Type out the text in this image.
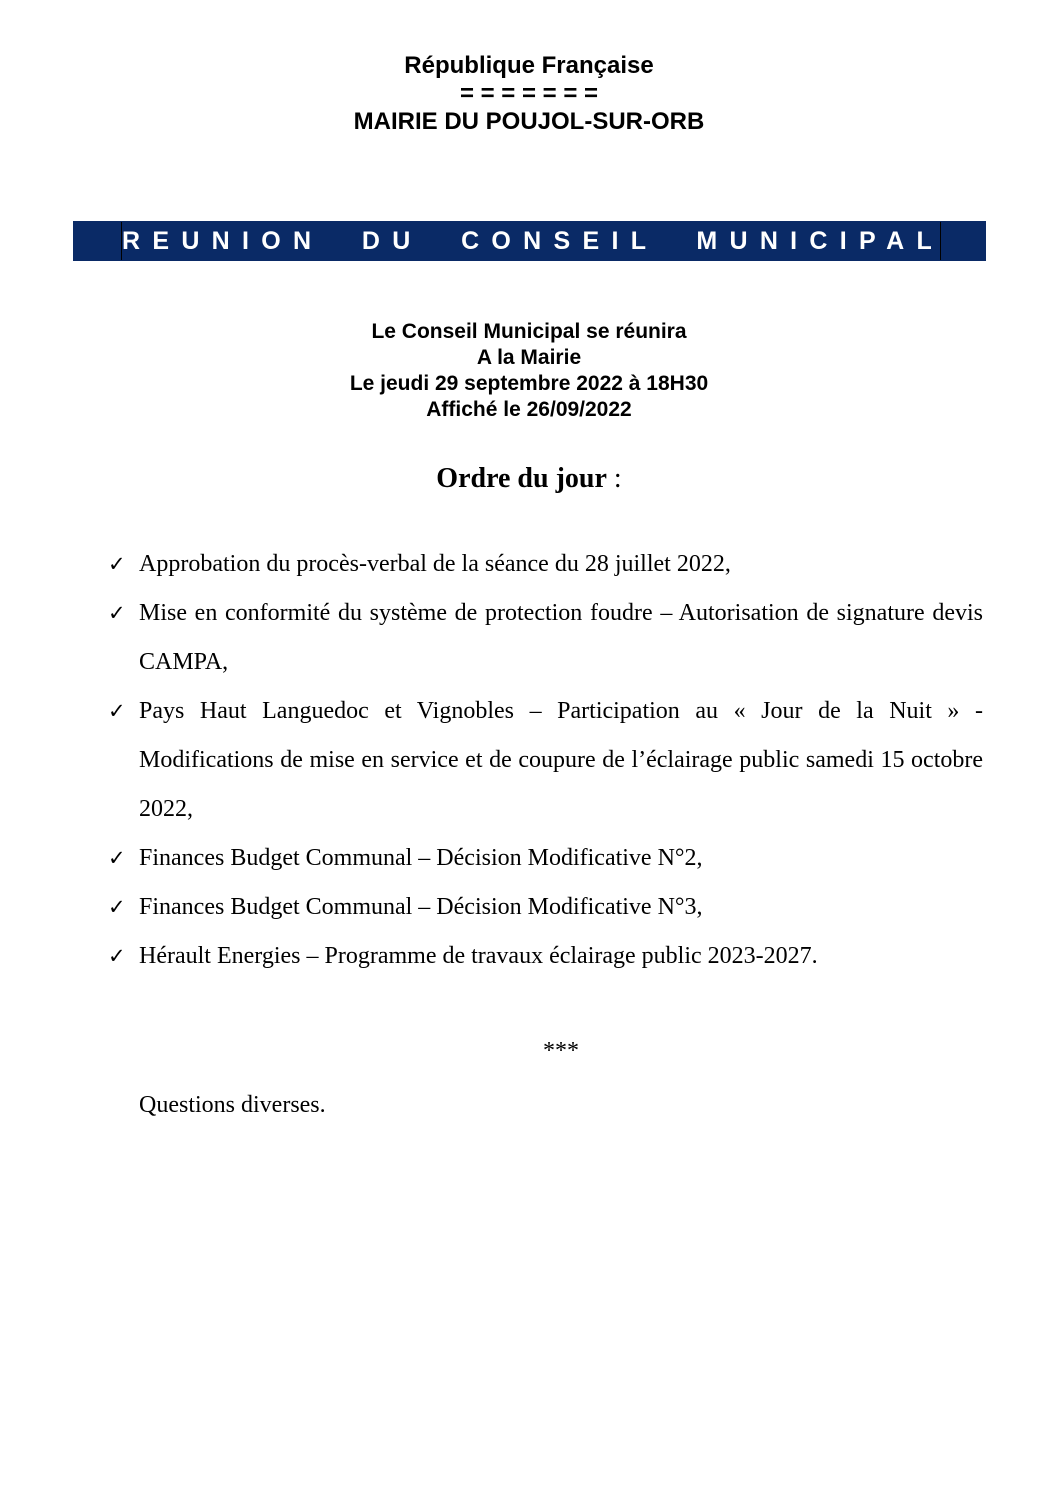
République Française
= = = = = = =
MAIRIE DU POUJOL-SUR-ORB
REUNION  DU  CONSEIL  MUNICIPAL
Le Conseil Municipal se réunira
A la Mairie
Le jeudi 29 septembre 2022 à 18H30
Affiché le 26/09/2022
Ordre du jour :
✓ Approbation du procès-verbal de la séance du 28 juillet 2022,
✓ Mise en conformité du système de protection foudre – Autorisation de signature devis CAMPA,
✓ Pays Haut Languedoc et Vignobles – Participation au « Jour de la Nuit » - Modifications de mise en service et de coupure de l’éclairage public samedi 15 octobre 2022,
✓ Finances Budget Communal – Décision Modificative N°2,
✓ Finances Budget Communal – Décision Modificative N°3,
✓ Hérault Energies – Programme de travaux éclairage public 2023-2027.
***
Questions diverses.
